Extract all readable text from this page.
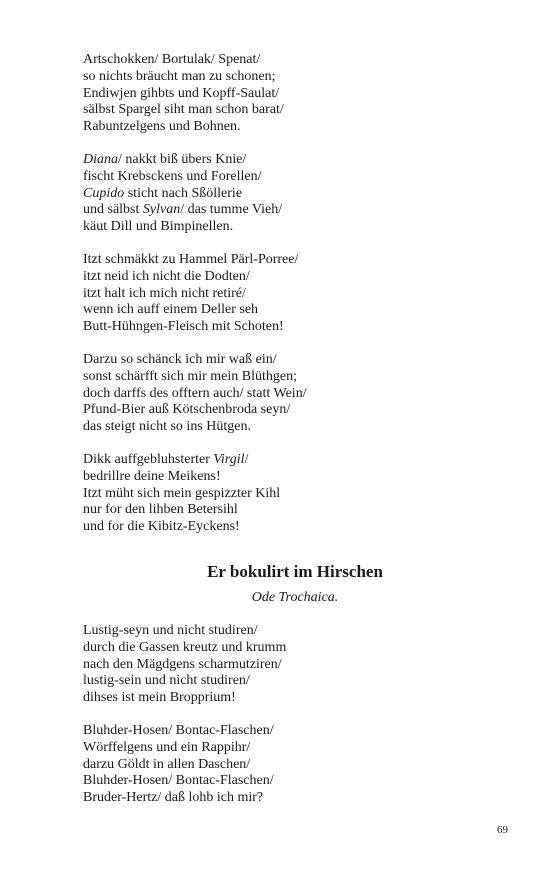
Artschokken/ Bortulak/ Spenat/
so nichts bräucht man zu schonen;
Endiwjen gihbts und Kopff-Saulat/
sälbst Spargel siht man schon barat/
Rabuntzelgens und Bohnen.
Diana/ nakkt biß übers Knie/
fischt Krebsckens und Forellen/
Cupido sticht nach Sßöllerie
und sälbst Sylvan/ das tumme Vieh/
käut Dill und Bimpinellen.
Itzt schmäkkt zu Hammel Pärl-Porree/
itzt neid ich nicht die Dodten/
itzt halt ich mich nicht retiré/
wenn ich auff einem Deller seh
Butt-Hühngen-Fleisch mit Schoten!
Darzu so schänck ich mir waß ein/
sonst schärfft sich mir mein Blüthgen;
doch darffs des offtern auch/ statt Wein/
Pfund-Bier auß Kötschenbroda seyn/
das steigt nicht so ins Hütgen.
Dikk auffgebluhsterter Virgil/
bedrillre deine Meikens!
Itzt müht sich mein gespizzter Kihl
nur for den lihben Betersihl
und for die Kibitz-Eyckens!
Er bokulirt im Hirschen
Ode Trochaica.
Lustig-seyn und nicht studiren/
durch die Gassen kreutz und krumm
nach den Mägdgens scharmutziren/
lustig-sein und nicht studiren/
dihses ist mein Bropprium!
Bluhder-Hosen/ Bontac-Flaschen/
Wörffelgens und ein Rappihr/
darzu Göldt in allen Daschen/
Bluhder-Hosen/ Bontac-Flaschen/
Bruder-Hertz/ daß lohb ich mir?
69
